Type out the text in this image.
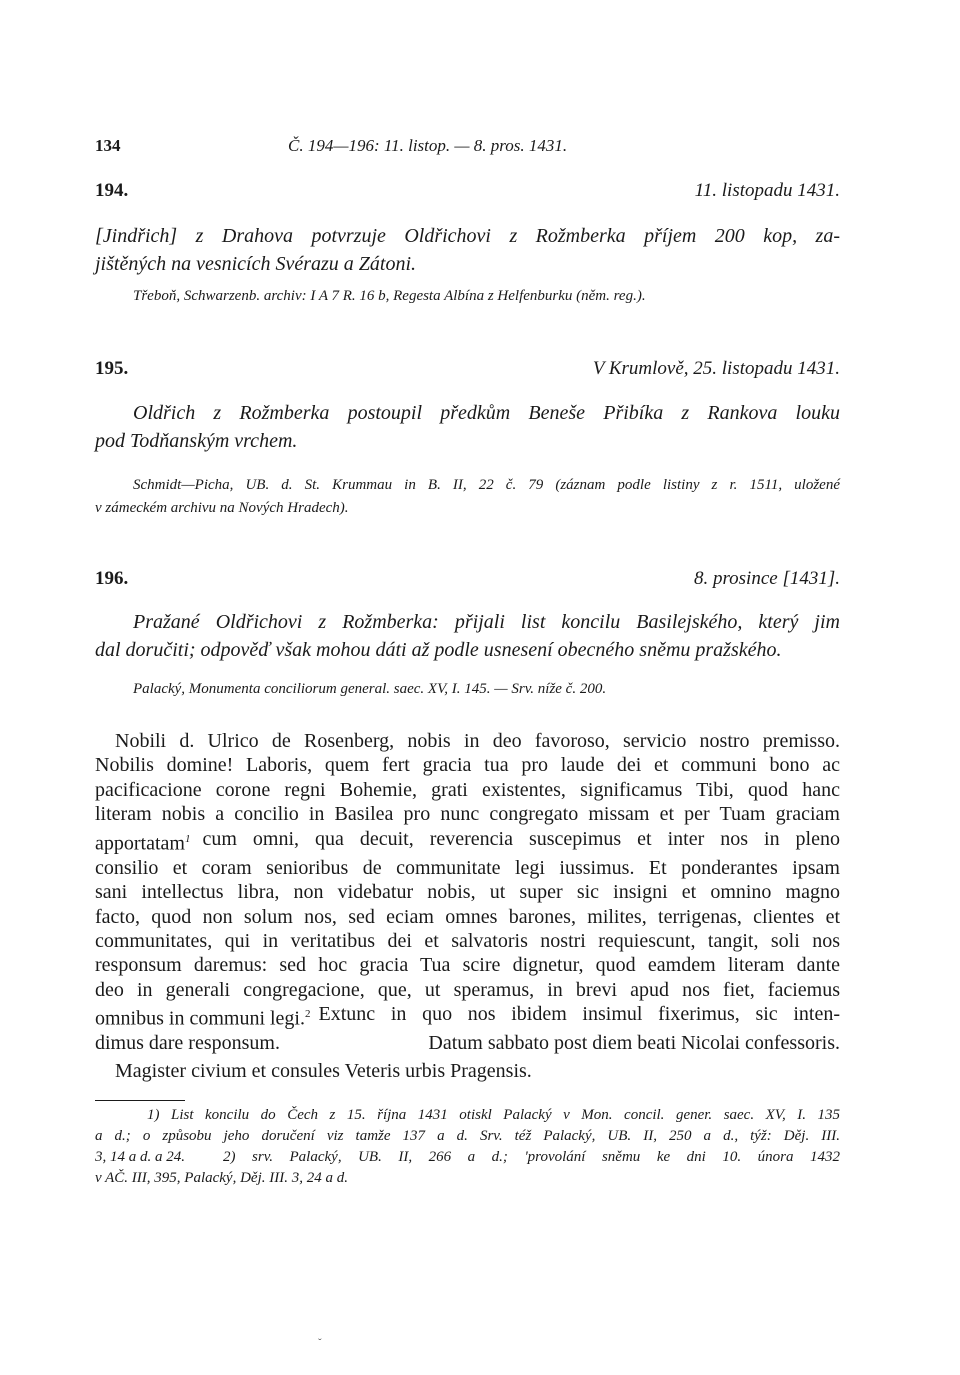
134	Č. 194—196: 11. listop. — 8. pros. 1431.
194.	11. listopadu 1431.
[Jindřich] z Drahova potvrzuje Oldřichovi z Rožmberka příjem 200 kop, za-
jištěných na vesnicích Svérazu a Zátoni.
Třeboň, Schwarzenb. archiv: I A 7 R. 16 b, Regesta Albína z Helfenburku (něm. reg.).
195.	V Krumlově, 25. listopadu 1431.
Oldřich z Rožmberka postoupil předkům Beneše Přibíka z Rankova louku
pod Todňanským vrchem.
Schmidt—Picha, UB. d. St. Krummau in B. II, 22 č. 79 (záznam podle listiny z r. 1511, uložené
v zámeckém archivu na Nových Hradech).
196.	8. prosince [1431].
Pražané Oldřichovi z Rožmberka: přijali list koncilu Basilejského, který jim
dal doručiti; odpověď však mohou dáti až podle usnesení obecného sněmu pražského.
Palacký, Monumenta conciliorum general. saec. XV, I. 145. — Srv. níže č. 200.
Nobili d. Ulrico de Rosenberg, nobis in deo favoroso, servicio nostro premisso.
Nobilis domine! Laboris, quem fert gracia tua pro laude dei et communi bono ac
pacificacione corone regni Bohemie, grati existentes, significamus Tibi, quod hanc
literam nobis a concilio in Basilea pro nunc congregato missam et per Tuam graciam
apportatam$^1$ cum omni, qua decuit, reverencia suscepimus et inter nos in pleno
consilio et coram senioribus de communitate legi iussimus. Et ponderantes ipsam
sani intellectus libra, non videbatur nobis, ut super sic insigni et omnino magno
facto, quod non solum nos, sed eciam omnes barones, milites, terrigenas, clientes et
communitates, qui in veritatibus dei et salvatoris nostri requiescunt, tangit, soli nos
responsum daremus: sed hoc gracia Tua scire dignetur, quod eamdem literam dante
deo in generali congregacione, que, ut speramus, in brevi apud nos fiet, faciemus
omnibus in communi legi.$^2$ Extunc in quo nos ibidem insimul fixerimus, sic inten-
dimus dare responsum.	Datum sabbato post diem beati Nicolai confessoris.
Magister civium et consules Veteris urbis Pragensis.
1) List koncilu do Čech z 15. října 1431 otiskl Palacký v Mon. concil. gener. saec. XV, I. 135
a d.; o způsobu jeho doručení viz tamže 137 a d. Srv. též Palacký, UB. II, 250 a d., týž: Děj. III.
3, 14 a d. a 24.	2) srv. Palacký, UB. II, 266 a d.; 'provolání sněmu ke dni 10. února 1432
v AČ. III, 395, Palacký, Děj. III. 3, 24 a d.
ˇ
